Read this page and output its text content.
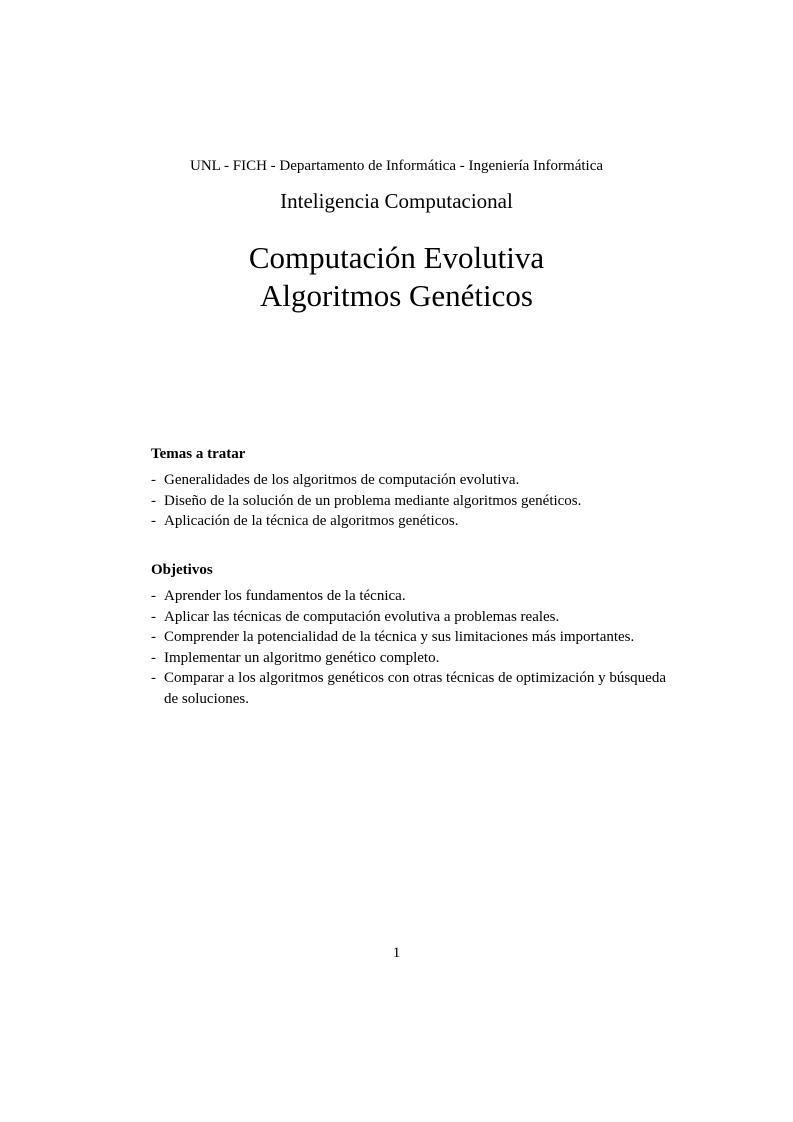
UNL - FICH - Departamento de Informática - Ingeniería Informática
Inteligencia Computacional
Computación Evolutiva
Algoritmos Genéticos
Temas a tratar
- Generalidades de los algoritmos de computación evolutiva.
- Diseño de la solución de un problema mediante algoritmos genéticos.
- Aplicación de la técnica de algoritmos genéticos.
Objetivos
- Aprender los fundamentos de la técnica.
- Aplicar las técnicas de computación evolutiva a problemas reales.
- Comprender la potencialidad de la técnica y sus limitaciones más importantes.
- Implementar un algoritmo genético completo.
- Comparar a los algoritmos genéticos con otras técnicas de optimización y búsqueda de soluciones.
1
